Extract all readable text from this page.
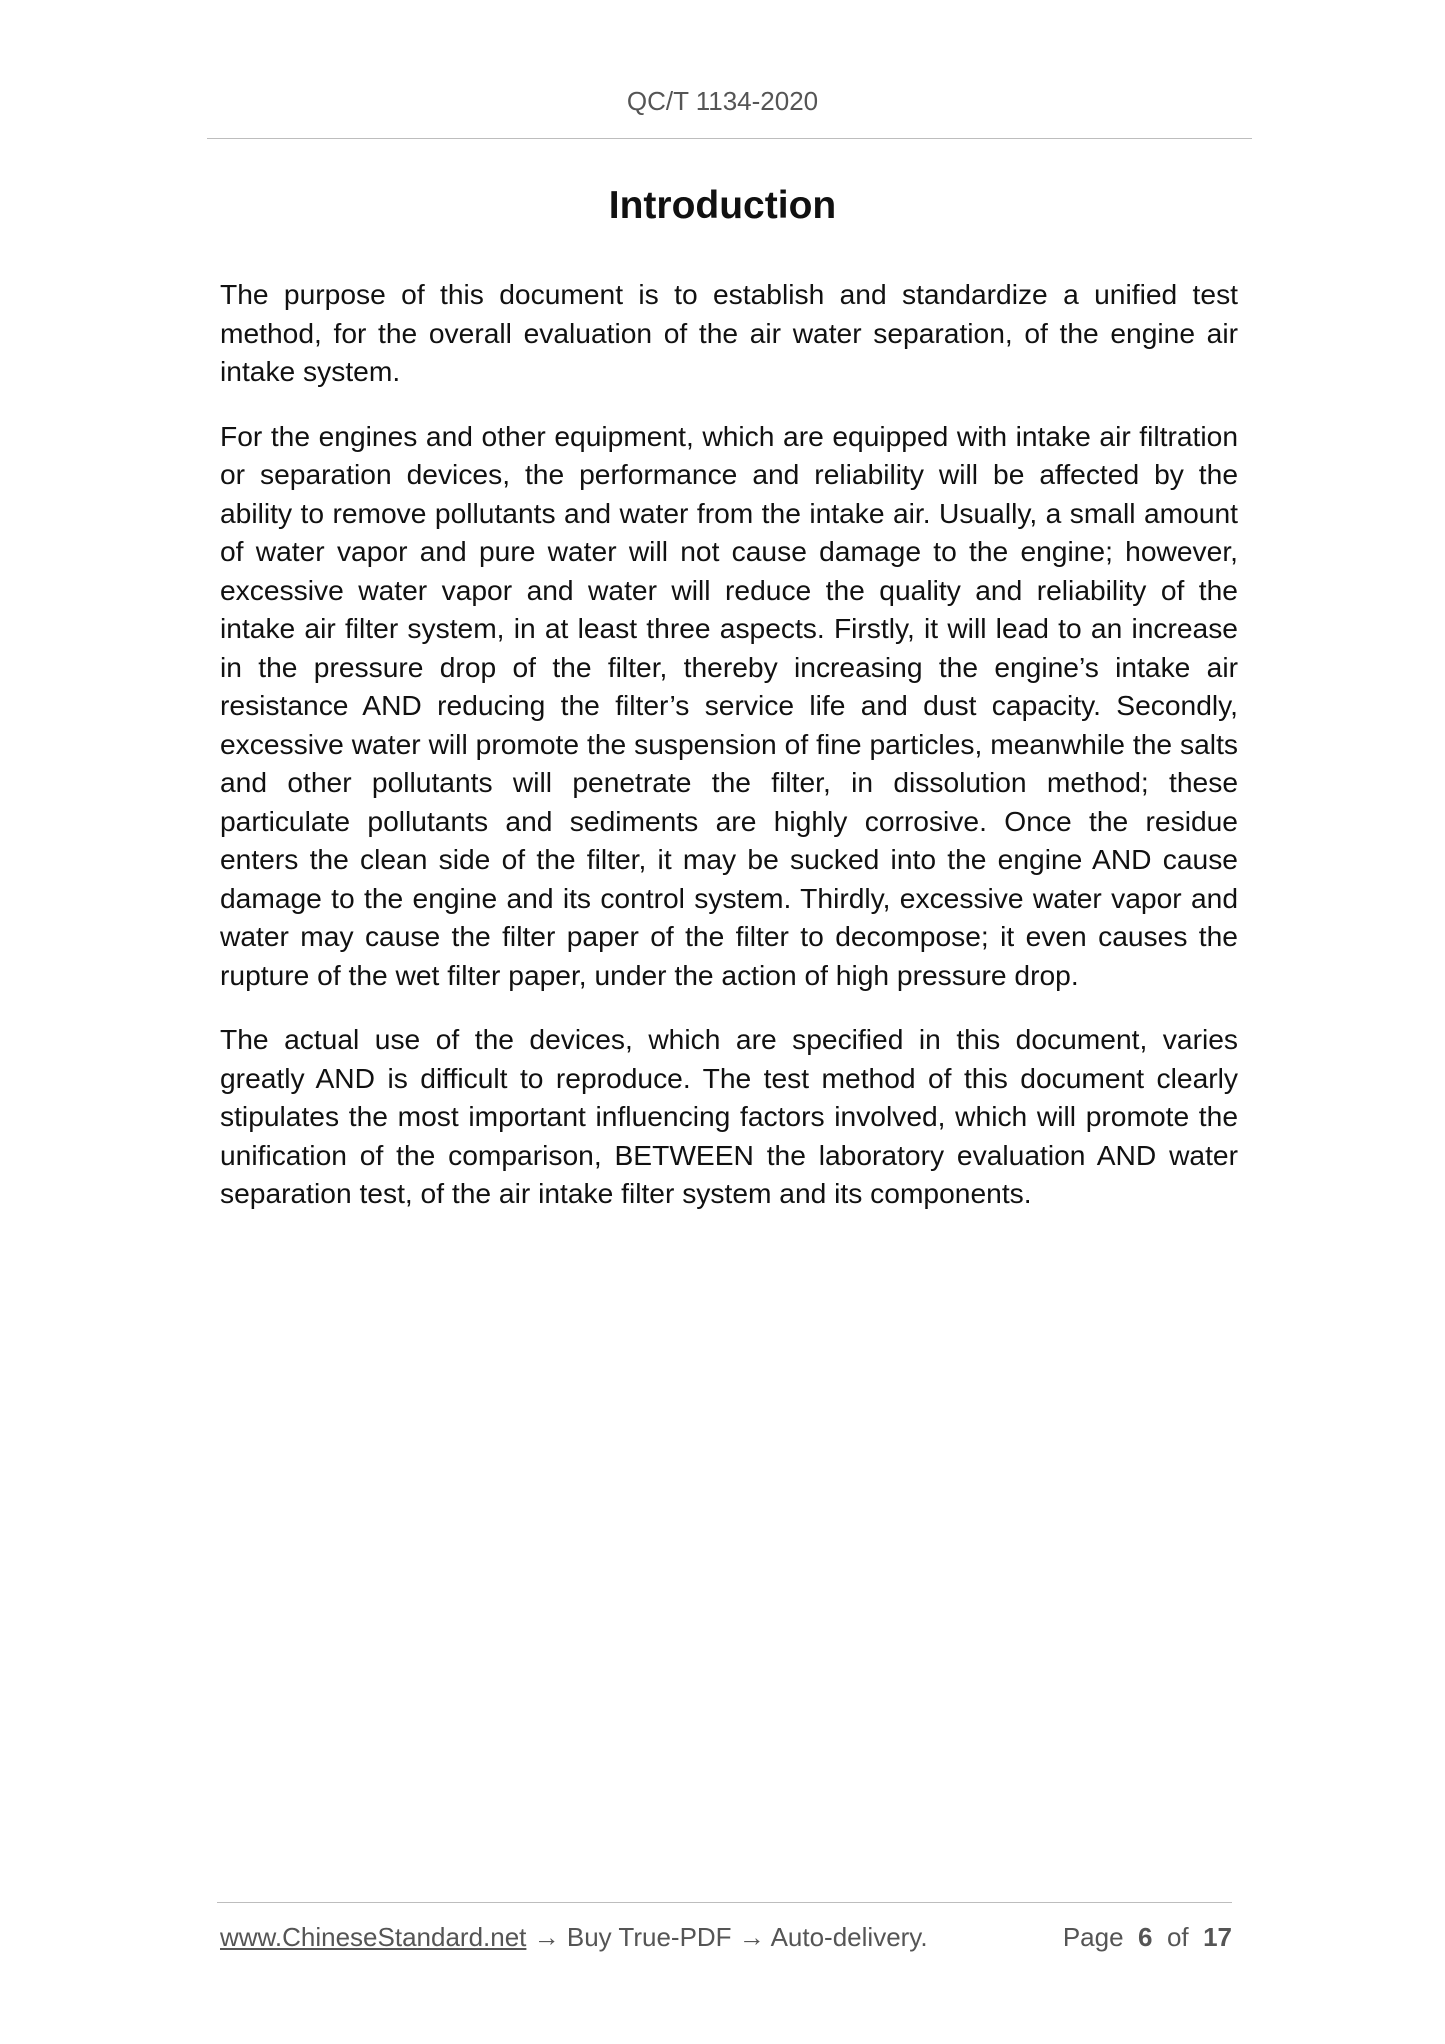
QC/T 1134-2020
Introduction

The purpose of this document is to establish and standardize a unified test method, for the overall evaluation of the air water separation, of the engine air intake system.

For the engines and other equipment, which are equipped with intake air filtration or separation devices, the performance and reliability will be affected by the ability to remove pollutants and water from the intake air. Usually, a small amount of water vapor and pure water will not cause damage to the engine; however, excessive water vapor and water will reduce the quality and reliability of the intake air filter system, in at least three aspects. Firstly, it will lead to an increase in the pressure drop of the filter, thereby increasing the engine’s intake air resistance AND reducing the filter’s service life and dust capacity. Secondly, excessive water will promote the suspension of fine particles, meanwhile the salts and other pollutants will penetrate the filter, in dissolution method; these particulate pollutants and sediments are highly corrosive. Once the residue enters the clean side of the filter, it may be sucked into the engine AND cause damage to the engine and its control system. Thirdly, excessive water vapor and water may cause the filter paper of the filter to decompose; it even causes the rupture of the wet filter paper, under the action of high pressure drop.

The actual use of the devices, which are specified in this document, varies greatly AND is difficult to reproduce. The test method of this document clearly stipulates the most important influencing factors involved, which will promote the unification of the comparison, BETWEEN the laboratory evaluation AND water separation test, of the air intake filter system and its components.

www.ChineseStandard.net → Buy True-PDF → Auto-delivery.	Page 6 of 17
